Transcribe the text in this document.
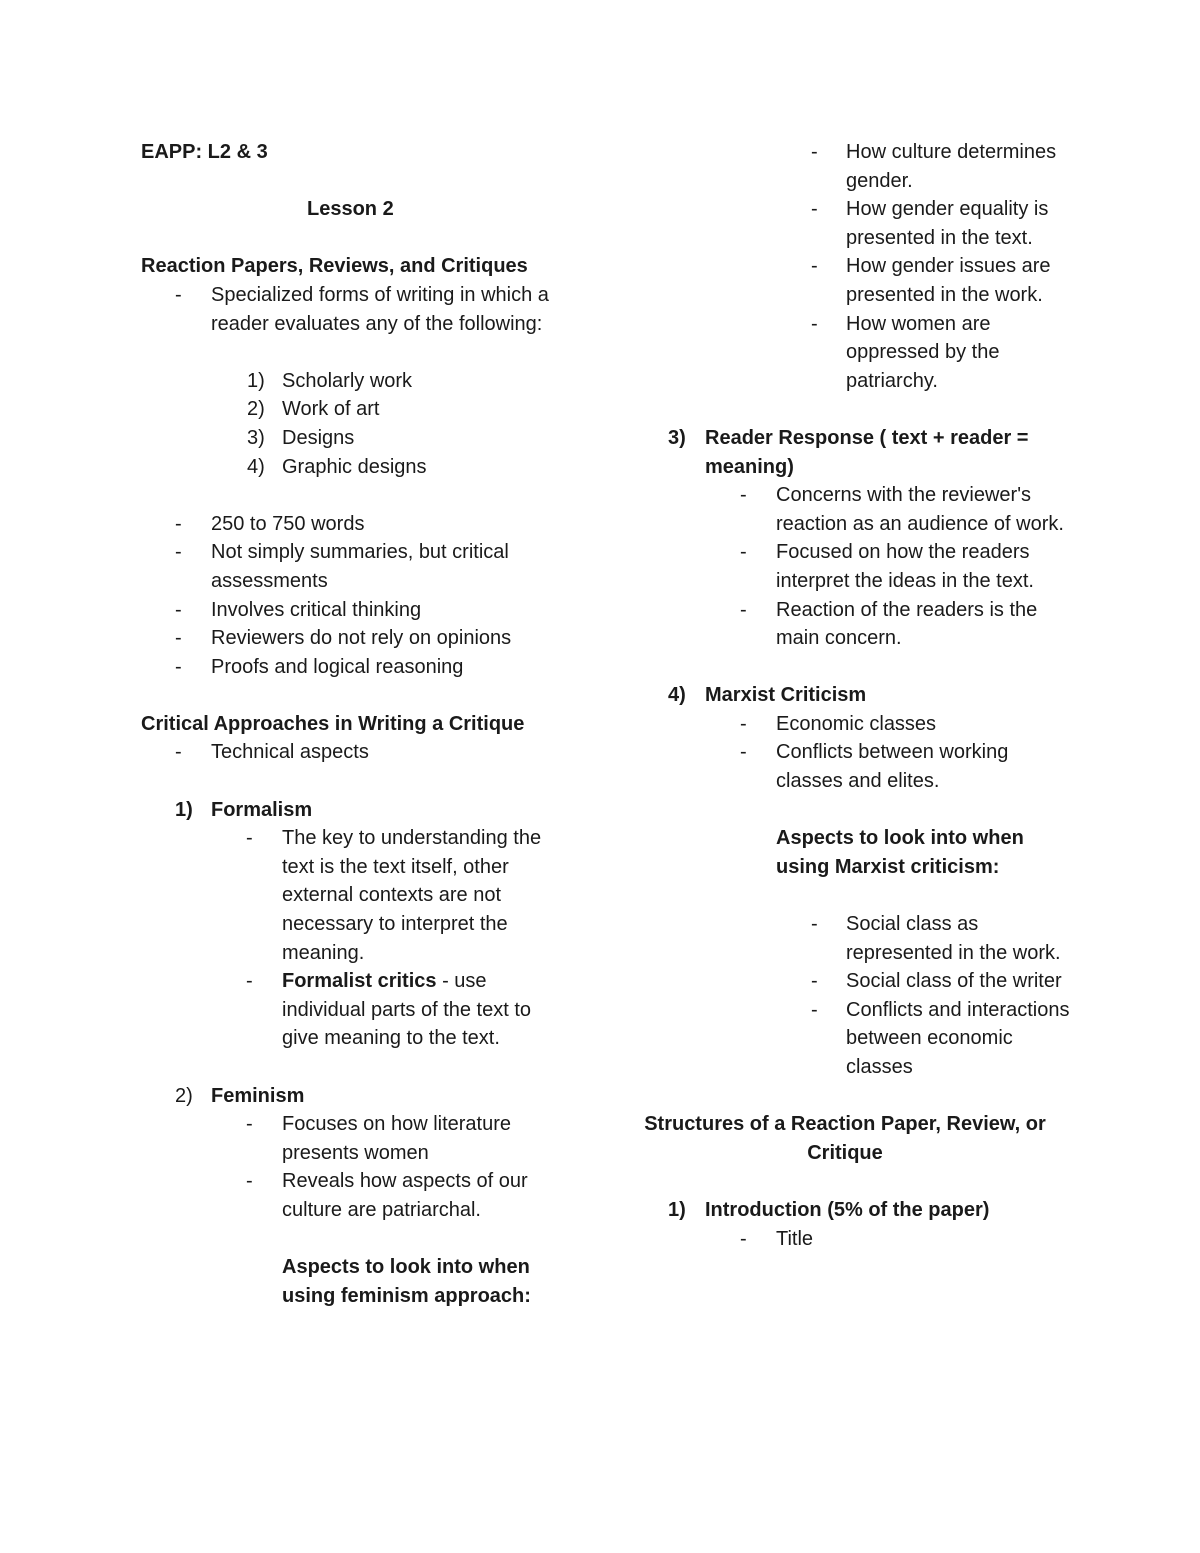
EAPP: L2 & 3
Lesson 2
Reaction Papers, Reviews, and Critiques
- Specialized forms of writing in which a reader evaluates any of the following:
1) Scholarly work
2) Work of art
3) Designs
4) Graphic designs
- 250 to 750 words
- Not simply summaries, but critical assessments
- Involves critical thinking
- Reviewers do not rely on opinions
- Proofs and logical reasoning
Critical Approaches in Writing a Critique
- Technical aspects
1) Formalism
- The key to understanding the text is the text itself, other external contexts are not necessary to interpret the meaning.
- Formalist critics - use individual parts of the text to give meaning to the text.
2) Feminism
- Focuses on how literature presents women
- Reveals how aspects of our culture are patriarchal.
Aspects to look into when using feminism approach:
- How culture determines gender.
- How gender equality is presented in the text.
- How gender issues are presented in the work.
- How women are oppressed by the patriarchy.
3) Reader Response ( text + reader = meaning)
- Concerns with the reviewer's reaction as an audience of work.
- Focused on how the readers interpret the ideas in the text.
- Reaction of the readers is the main concern.
4) Marxist Criticism
- Economic classes
- Conflicts between working classes and elites.
Aspects to look into when using Marxist criticism:
- Social class as represented in the work.
- Social class of the writer
- Conflicts and interactions between economic classes
Structures of a Reaction Paper, Review, or Critique
1) Introduction (5% of the paper)
- Title
